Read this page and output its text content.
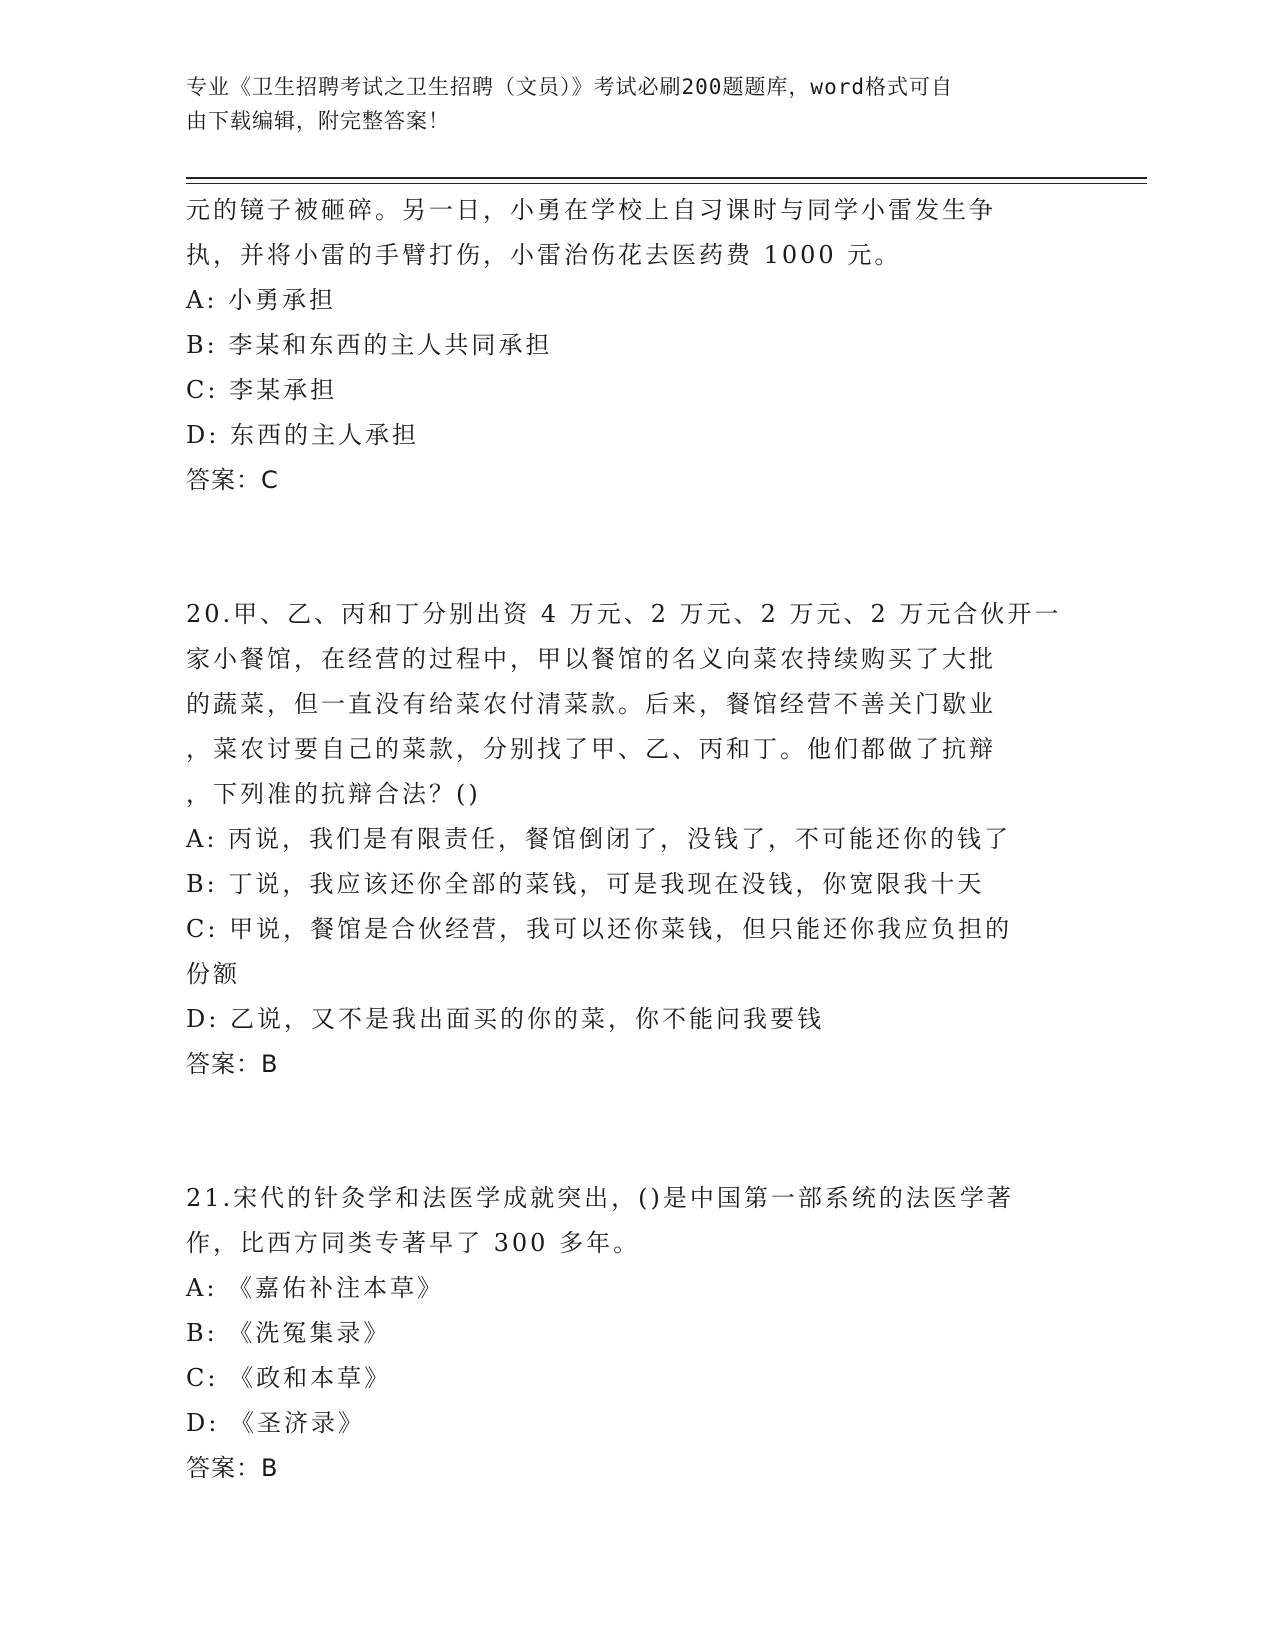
专业《卫生招聘考试之卫生招聘（文员）》考试必刷200题题库，word格式可自
由下载编辑，附完整答案！
元的镜子被砸碎。另一日，小勇在学校上自习课时与同学小雷发生争
执，并将小雷的手臂打伤，小雷治伤花去医药费 1000 元。
A: 小勇承担
B: 李某和东西的主人共同承担
C: 李某承担
D: 东西的主人承担
答案：C
20.甲、乙、丙和丁分别出资 4 万元、2 万元、2 万元、2 万元合伙开一
家小餐馆，在经营的过程中，甲以餐馆的名义向菜农持续购买了大批
的蔬菜，但一直没有给菜农付清菜款。后来，餐馆经营不善关门歇业
，菜农讨要自己的菜款，分别找了甲、乙、丙和丁。他们都做了抗辩
，下列准的抗辩合法？()
A: 丙说，我们是有限责任，餐馆倒闭了，没钱了，不可能还你的钱了
B: 丁说，我应该还你全部的菜钱，可是我现在没钱，你宽限我十天
C: 甲说，餐馆是合伙经营，我可以还你菜钱，但只能还你我应负担的
份额
D: 乙说，又不是我出面买的你的菜，你不能问我要钱
答案：B
21.宋代的针灸学和法医学成就突出，()是中国第一部系统的法医学著
作，比西方同类专著早了 300 多年。
A: 《嘉佑补注本草》
B: 《洗冤集录》
C: 《政和本草》
D: 《圣济录》
答案：B
